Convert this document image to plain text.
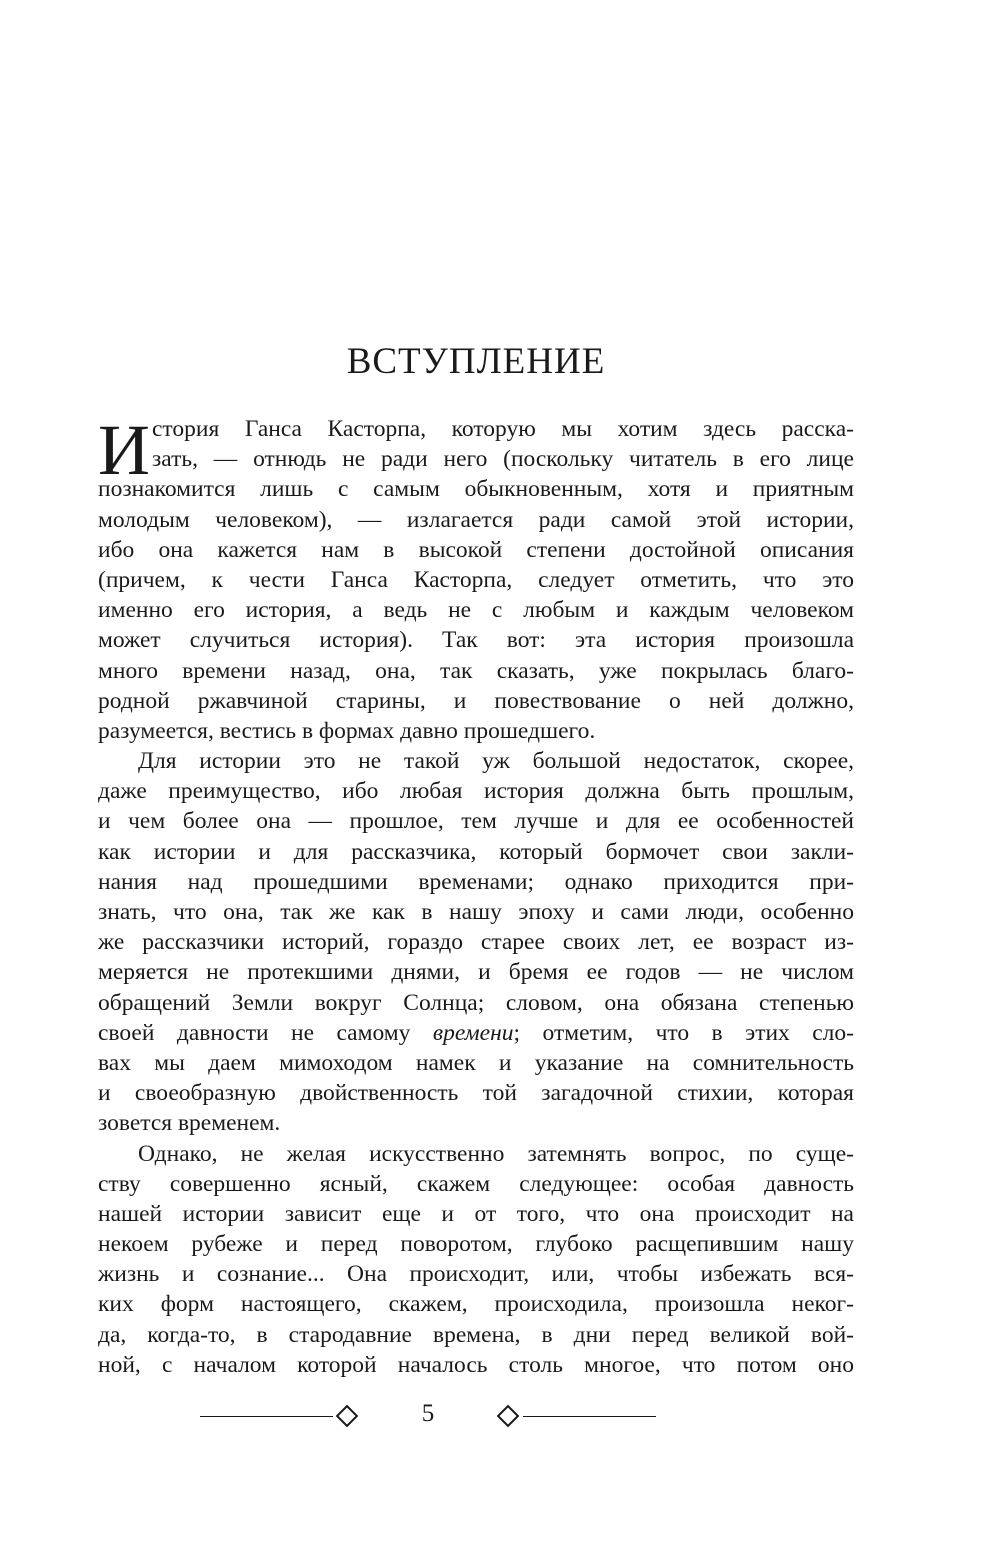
ВСТУПЛЕНИЕ
И стория Ганса Касторпа, которую мы хотим здесь расска-
зать, — отнюдь не ради него (поскольку читатель в его лице
познакомится лишь с самым обыкновенным, хотя и приятным
молодым человеком), — излагается ради самой этой истории,
ибо она кажется нам в высокой степени достойной описания
(причем, к чести Ганса Касторпа, следует отметить, что это
именно его история, а ведь не с любым и каждым человеком
может случиться история). Так вот: эта история произошла
много времени назад, она, так сказать, уже покрылась благо-
родной ржавчиной старины, и повествование о ней должно,
разумеется, вестись в формах давно прошедшего.
Для истории это не такой уж большой недостаток, скорее,
даже преимущество, ибо любая история должна быть прошлым,
и чем более она — прошлое, тем лучше и для ее особенностей
как истории и для рассказчика, который бормочет свои закли-
нания над прошедшими временами; однако приходится при-
знать, что она, так же как в нашу эпоху и сами люди, особенно
же рассказчики историй, гораздо старее своих лет, ее возраст из-
меряется не протекшими днями, и бремя ее годов — не числом
обращений Земли вокруг Солнца; словом, она обязана степенью
своей давности не самому времени; отметим, что в этих сло-
вах мы даем мимоходом намек и указание на сомнительность
и своеобразную двойственность той загадочной стихии, которая
зовется временем.
Однако, не желая искусственно затемнять вопрос, по суще-
ству совершенно ясный, скажем следующее: особая давность
нашей истории зависит еще и от того, что она происходит на
некоем рубеже и перед поворотом, глубоко расщепившим нашу
жизнь и сознание... Она происходит, или, чтобы избежать вся-
ких форм настоящего, скажем, происходила, произошла неког-
да, когда-то, в стародавние времена, в дни перед великой вой-
ной, с началом которой началось столь многое, что потом оно
5
